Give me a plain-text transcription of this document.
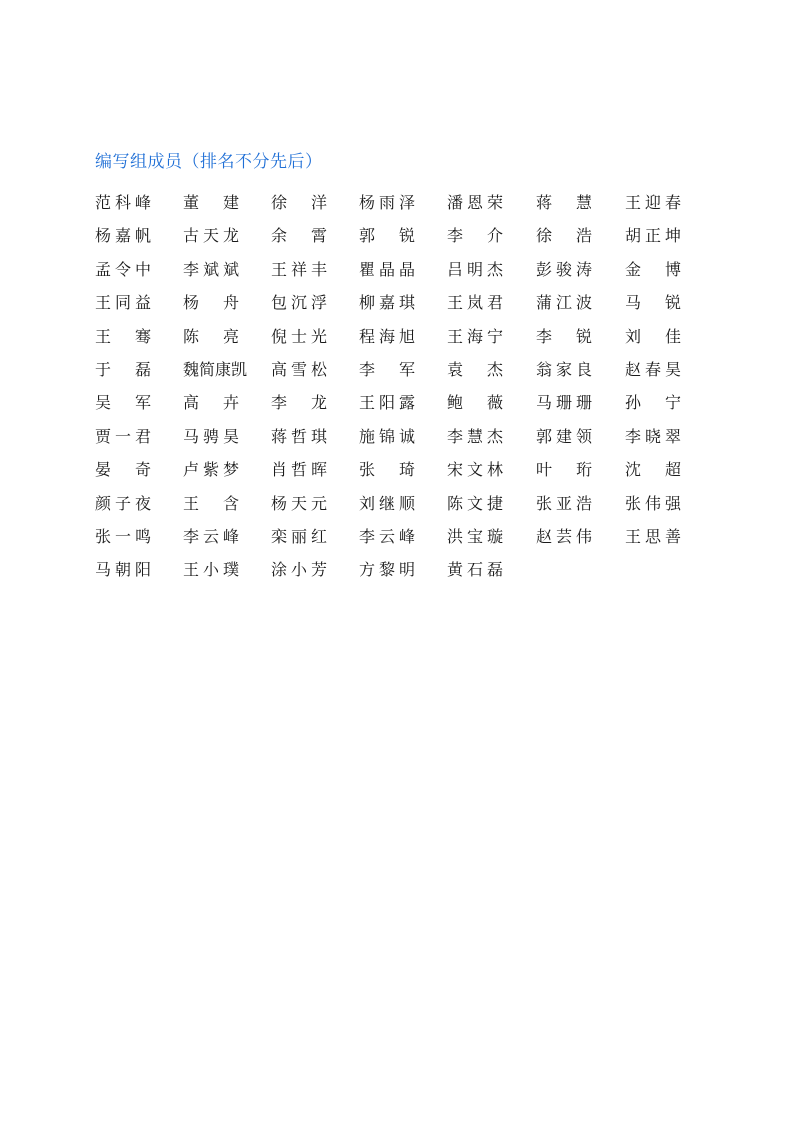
编写组成员（排名不分先后）
范科峰 董 建 徐 洋 杨雨泽 潘恩荣 蒋 慧 王迎春
杨嘉帆 古天龙 余 霄 郭 锐 李 介 徐 浩 胡正坤
孟令中 李斌斌 王祥丰 瞿晶晶 吕明杰 彭骏涛 金 博
王同益 杨 舟 包沉浮 柳嘉琪 王岚君 蒲江波 马 锐
王 骞 陈 亮 倪士光 程海旭 王海宁 李 锐 刘 佳
于 磊 魏简康凯	高雪松 李 军 袁 杰 翁家良 赵春昊
吴 军 高 卉 李 龙 王阳露 鲍 薇 马珊珊 孙 宁
贾一君 马骋昊 蒋哲琪 施锦诚 李慧杰 郭建领 李晓翠
晏 奇 卢紫梦 肖哲晖 张 琦 宋文林 叶 珩 沈 超
颜子夜 王 含 杨天元 刘继顺 陈文捷 张亚浩 张伟强
张一鸣 李云峰 栾丽红 李云峰 洪宝璇 赵芸伟 王思善
马朝阳 王小璞 涂小芳 方黎明 黄石磊
